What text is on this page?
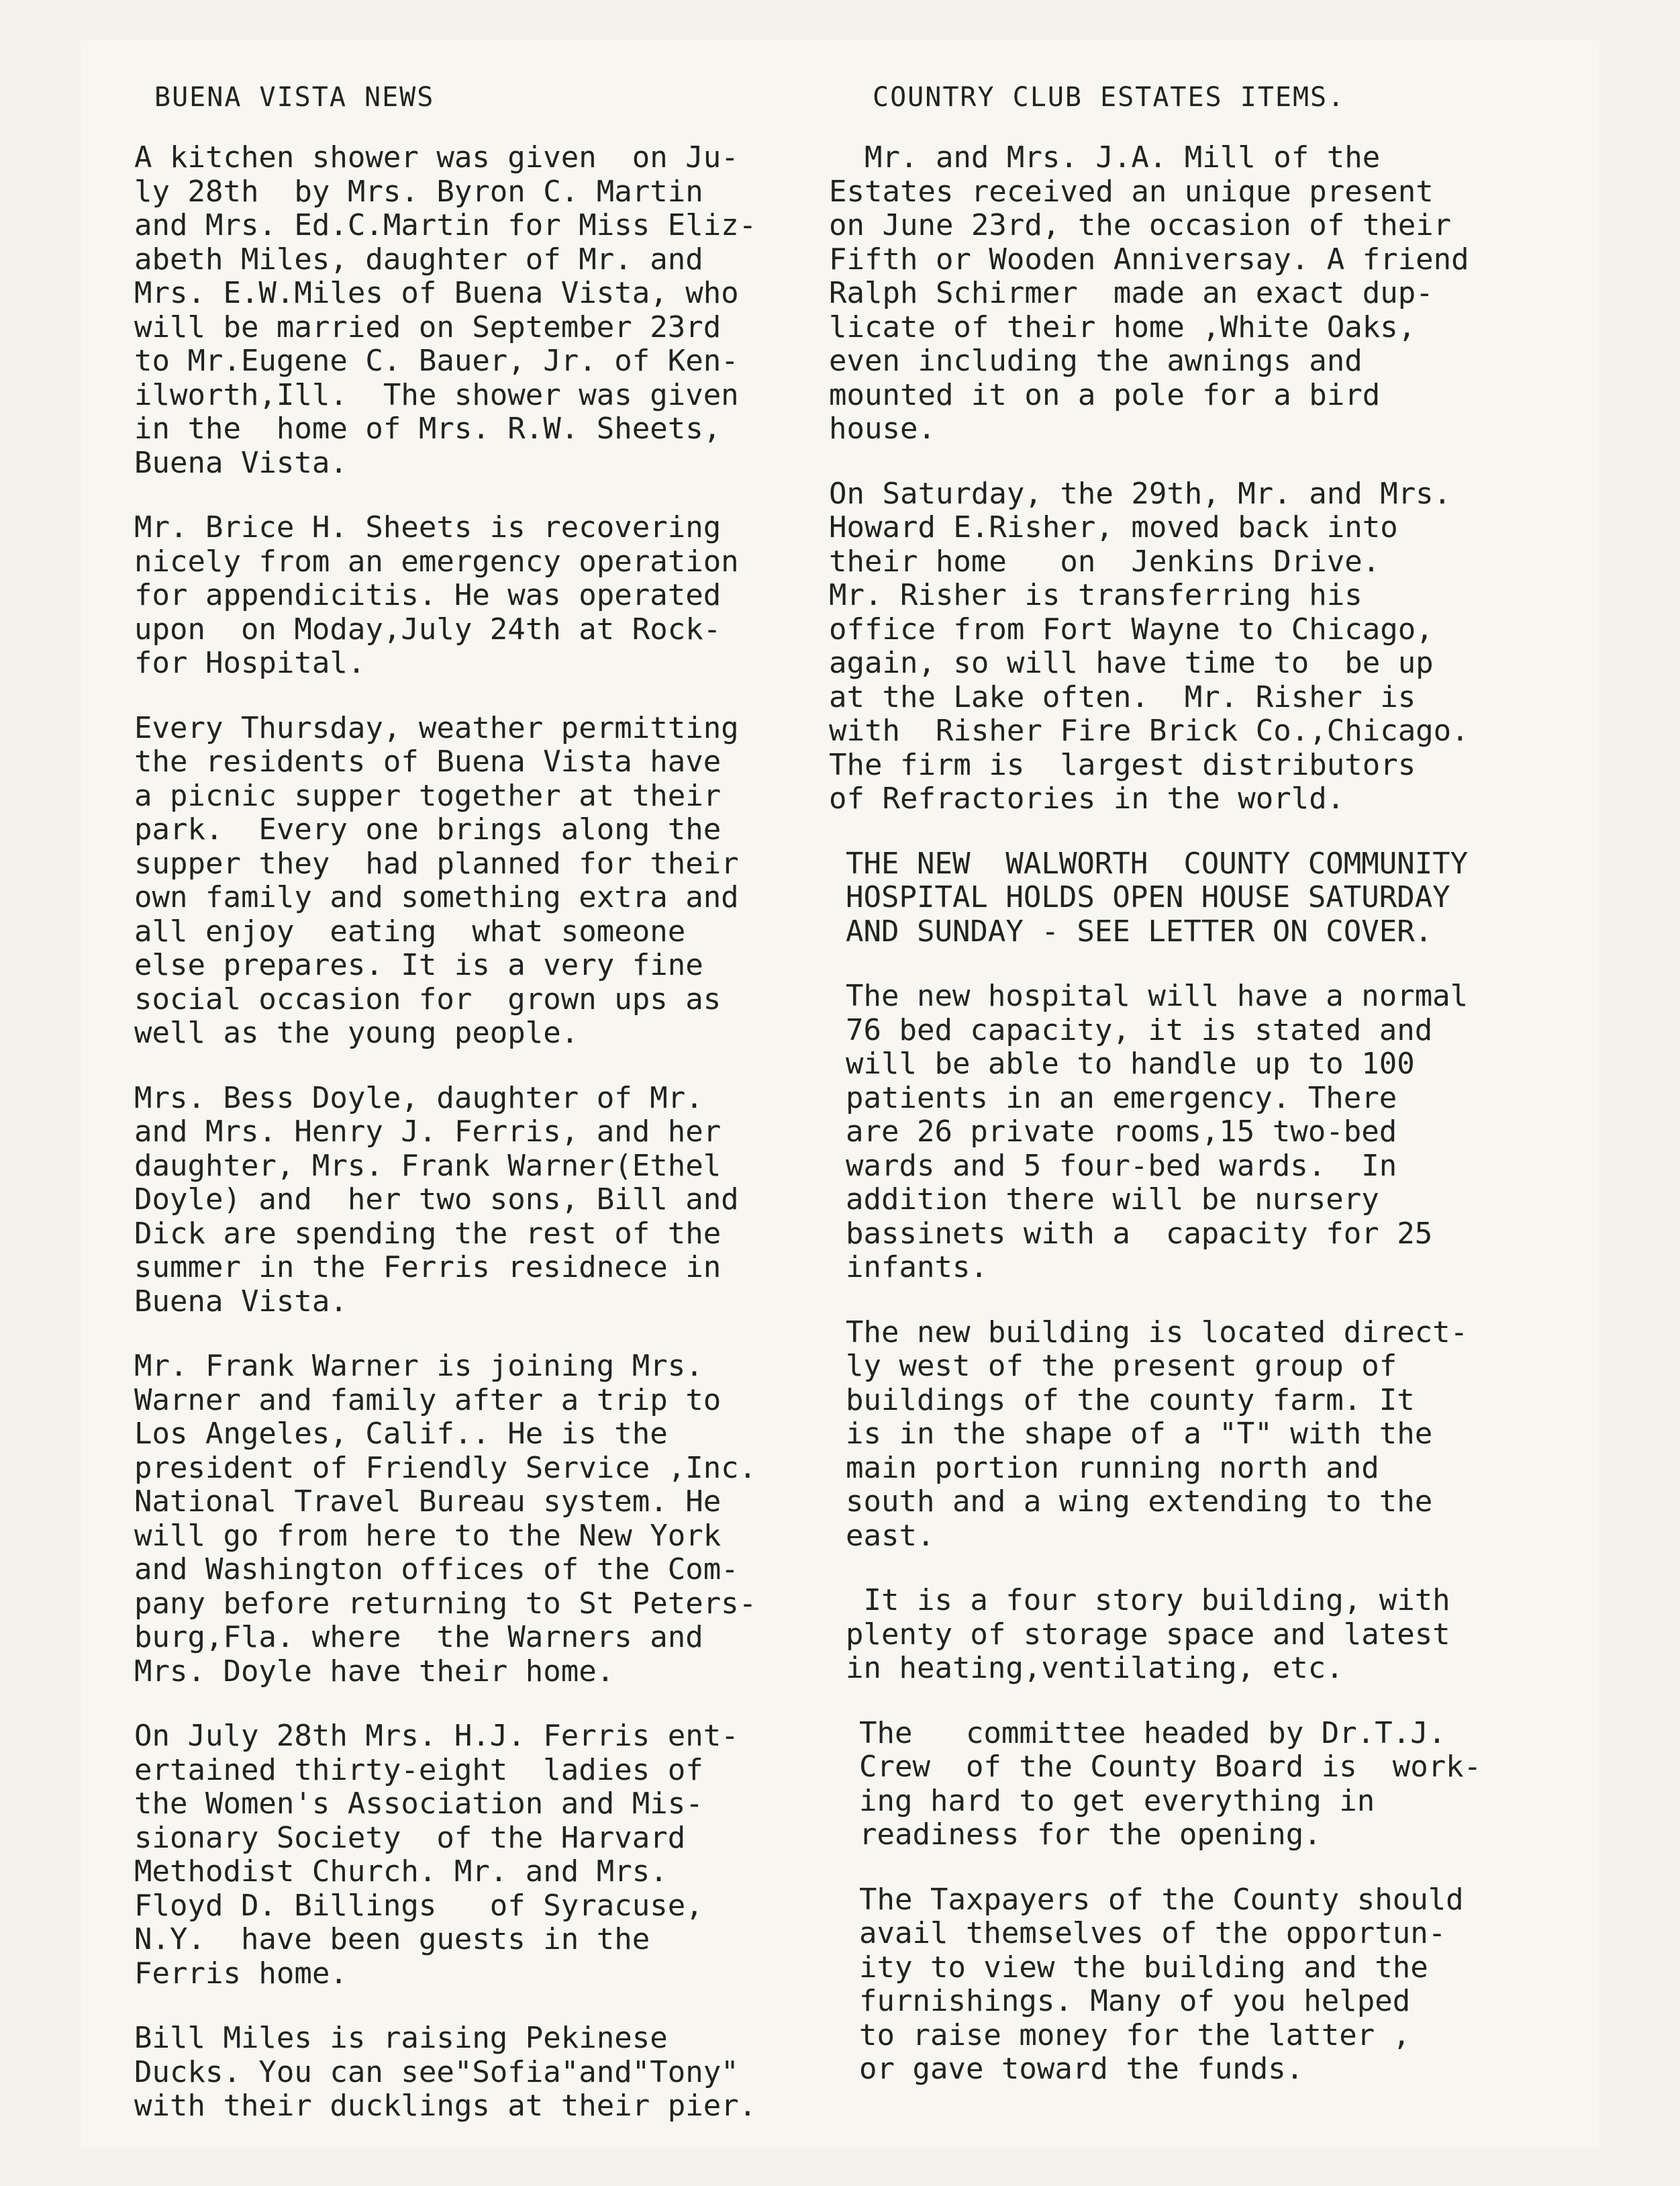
BUENA VISTA NEWS
A kitchen shower was given  on Ju-
ly 28th  by Mrs. Byron C. Martin
and Mrs. Ed.C.Martin for Miss Eliz-
abeth Miles, daughter of Mr. and
Mrs. E.W.Miles of Buena Vista, who
will be married on September 23rd
to Mr.Eugene C. Bauer, Jr. of Ken-
ilworth,Ill.  The shower was given
in the  home of Mrs. R.W. Sheets,
Buena Vista.
Mr. Brice H. Sheets is recovering
nicely from an emergency operation
for appendicitis. He was operated
upon  on Moday,July 24th at Rock-
for Hospital.
Every Thursday, weather permitting
the residents of Buena Vista have
a picnic supper together at their
park.  Every one brings along the
supper they  had planned for their
own family and something extra and
all enjoy  eating  what someone
else prepares. It is a very fine
social occasion for  grown ups as
well as the young people.
Mrs. Bess Doyle, daughter of Mr.
and Mrs. Henry J. Ferris, and her
daughter, Mrs. Frank Warner(Ethel
Doyle) and  her two sons, Bill and
Dick are spending the rest of the
summer in the Ferris residnece in
Buena Vista.
Mr. Frank Warner is joining Mrs.
Warner and family after a trip to
Los Angeles, Calif.. He is the
president of Friendly Service ,Inc.
National Travel Bureau system. He
will go from here to the New York
and Washington offices of the Com-
pany before returning to St Peters-
burg,Fla. where  the Warners and
Mrs. Doyle have their home.
On July 28th Mrs. H.J. Ferris ent-
ertained thirty-eight  ladies of
the Women's Association and Mis-
sionary Society  of the Harvard
Methodist Church. Mr. and Mrs.
Floyd D. Billings   of Syracuse,
N.Y.  have been guests in the
Ferris home.
Bill Miles is raising Pekinese
Ducks. You can see"Sofia"and"Tony"
with their ducklings at their pier.
COUNTRY CLUB ESTATES ITEMS.
Mr. and Mrs. J.A. Mill of the
Estates received an unique present
on June 23rd, the occasion of their
Fifth or Wooden Anniversay. A friend
Ralph Schirmer  made an exact dup-
licate of their home ,White Oaks,
even including the awnings and
mounted it on a pole for a bird
house.
On Saturday, the 29th, Mr. and Mrs.
Howard E.Risher, moved back into
their home   on  Jenkins Drive.
Mr. Risher is transferring his
office from Fort Wayne to Chicago,
again, so will have time to  be up
at the Lake often.  Mr. Risher is
with  Risher Fire Brick Co.,Chicago.
The firm is  largest distributors
of Refractories in the world.
THE NEW  WALWORTH  COUNTY COMMUNITY
HOSPITAL HOLDS OPEN HOUSE SATURDAY
AND SUNDAY - SEE LETTER ON COVER.
The new hospital will have a normal
76 bed capacity, it is stated and
will be able to handle up to 100
patients in an emergency. There
are 26 private rooms,15 two-bed
wards and 5 four-bed wards.  In
addition there will be nursery
bassinets with a  capacity for 25
infants.
The new building is located direct-
ly west of the present group of
buildings of the county farm. It
is in the shape of a "T" with the
main portion running north and
south and a wing extending to the
east.
It is a four story building, with
plenty of storage space and latest
in heating,ventilating, etc.
The   committee headed by Dr.T.J.
Crew  of the County Board is  work-
ing hard to get everything in
readiness for the opening.
The Taxpayers of the County should
avail themselves of the opportun-
ity to view the building and the
furnishings. Many of you helped
to raise money for the latter ,
or gave toward the funds.
